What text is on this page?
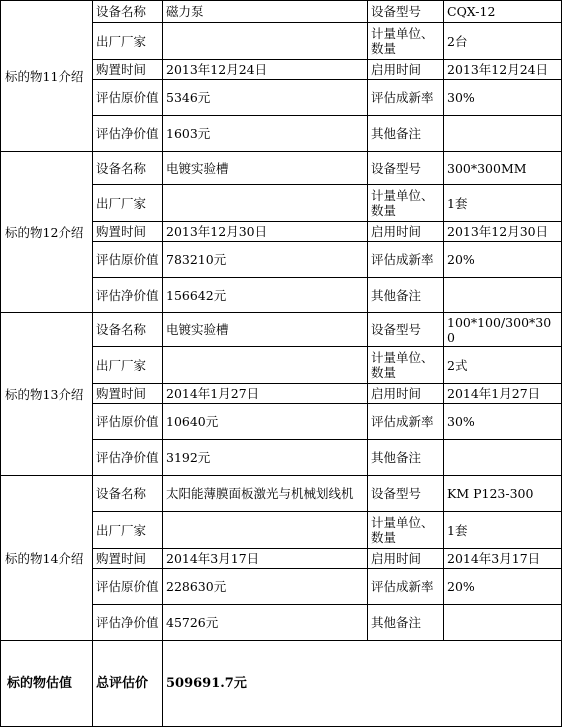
标的物11介绍	设备名称	磁力泵	设备型号	CQX-12
	出厂厂家		计量单位、数量	2台
	购置时间	2013年12月24日	启用时间	2013年12月24日
	评估原价值	5346元	评估成新率	30%
	评估净价值	1603元	其他备注	
标的物12介绍	设备名称	电镀实验槽	设备型号	300*300MM
	出厂厂家		计量单位、数量	1套
	购置时间	2013年12月30日	启用时间	2013年12月30日
	评估原价值	783210元	评估成新率	20%
	评估净价值	156642元	其他备注	
标的物13介绍	设备名称	电镀实验槽	设备型号	100*100/300*300
	出厂厂家		计量单位、数量	2式
	购置时间	2014年1月27日	启用时间	2014年1月27日
	评估原价值	10640元	评估成新率	30%
	评估净价值	3192元	其他备注	
标的物14介绍	设备名称	太阳能薄膜面板激光与机械划线机	设备型号	KM P123-300
	出厂厂家		计量单位、数量	1套
	购置时间	2014年3月17日	启用时间	2014年3月17日
	评估原价值	228630元	评估成新率	20%
	评估净价值	45726元	其他备注	
标的物估值	总评估价	509691.7元		
